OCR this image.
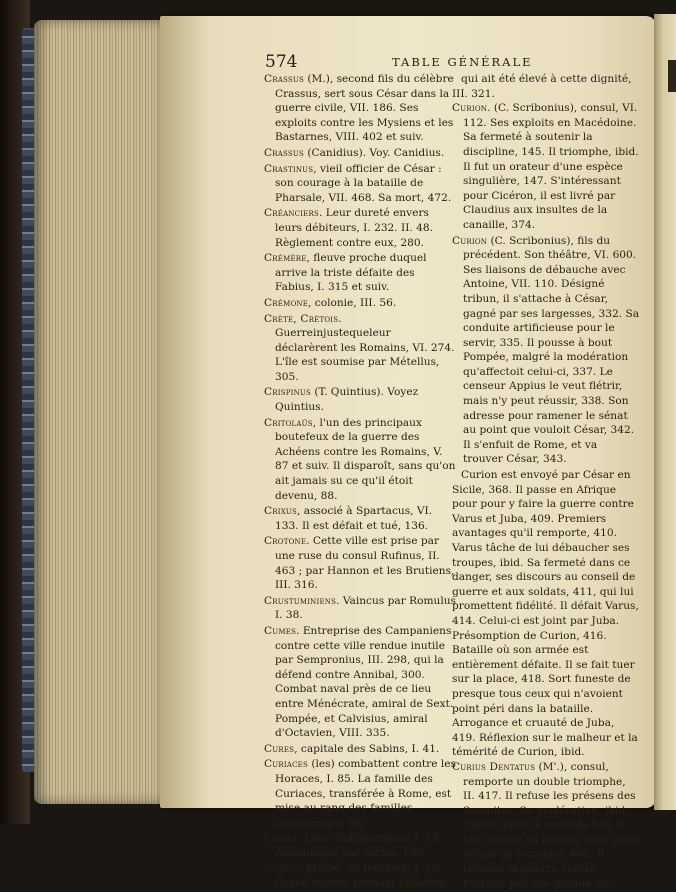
574	TABLE GÉNÉRALE

Crassus (M.), second fils du célèbre Crassus, sert sous César dans la guerre civile, VII. 186. Ses exploits contre les Mysiens et les Bastarnes, VIII. 402 et suiv.

Crassus (Canidius). Voy. Canidius.

Crastinus, vieil officier de César : son courage à la bataille de Pharsale, VII. 468. Sa mort, 472.

Créanciers. Leur dureté envers leurs débiteurs, I. 232. II. 48. Règlement contre eux, 280.

Crémère, fleuve proche duquel arrive la triste défaite des Fabius, I. 315 et suiv.

Crémone, colonie, III. 56.

Crète, Crétois. Guerreinjustequeleur déclarèrent les Romains, VI. 274. L'île est soumise par Métellus, 305.

Crispinus (T. Quintius). Voyez Quintius.

Critolaüs, l'un des principaux boutefeux de la guerre des Achéens contre les Romains, V. 87 et suiv. Il disparoît, sans qu'on ait jamais su ce qu'il étoit devenu, 88.

Crixus, associé à Spartacus, VI. 133. Il est défait et tué, 136.

Crotone. Cette ville est prise par une ruse du consul Rufinus, II. 463 ; par Hannon et les Brutiens, III. 316.

Crustuminiens. Vaincus par Romulus I. 38.

Cumes. Entreprise des Campaniens contre cette ville rendue inutile par Sempronius, III. 298, qui la défend contre Annibal, 300. Combat naval près de ce lieu entre Ménécrate, amiral de Sext. Pompée, et Calvisius, amiral d'Octavien, VIII. 335.

Cures, capitale des Sabins, I. 41.

Curiaces (les) combattent contre les Horaces, I. 85. La famille des Curiaces, transférée à Rome, est mise au rang des familles patriciennes, 96.

Curies. Leur établissement, I. 19. Assemblées par curies, 130.

Curion, prêtre. Sa fonction, I. 19. Grand-curion, premier plébéien

qui ait été élevé à cette dignité, III. 321.

Curion. (C. Scribonius), consul, VI. 112. Ses exploits en Macédoine. Sa fermeté à soutenir la discipline, 145. Il triomphe, ibid. Il fut un orateur d'une espèce singulière, 147. S'intéressant pour Cicéron, il est livré par Claudius aux insultes de la canaille, 374.

Curion (C. Scribonius), fils du précédent. Son théâtre, VI. 600. Ses liaisons de débauche avec Antoine, VII. 110. Désigné tribun, il s'attache à César, gagné par ses largesses, 332. Sa conduite artificieuse pour le servir, 335. Il pousse à bout Pompée, malgré la modération qu'affectoit celui-ci, 337. Le censeur Appius le veut flétrir, mais n'y peut réussir, 338. Son adresse pour ramener le sénat au point que vouloit César, 342. Il s'enfuit de Rome, et va trouver César, 343.

Curion est envoyé par César en Sicile, 368. Il passe en Afrique pour pour y faire la guerre contre Varus et Juba, 409. Premiers avantages qu'il remporte, 410. Varus tâche de lui débaucher ses troupes, ibid. Sa fermeté dans ce danger, ses discours au conseil de guerre et aux soldats, 411, qui lui promettent fidélité. Il défait Varus, 414. Celui-ci est joint par Juba. Présomption de Curion, 416. Bataille où son armée est entièrement défaite. Il se fait tuer sur la place, 418. Sort funeste de presque tous ceux qui n'avoient point péri dans la bataille. Arrogance et cruauté de Juba, 419. Réflexion sur le malheur et la témérité de Curion, ibid.

Curius Dentatus (M'.), consul, remporte un double triomphe, II. 417. Il refuse les présens des Samnites. Sa modération, ibid. Consul pour la seconde fois, il fait vendre un citoyen pour avoir refusé de s'enrôler, 465. Il termine la guerre contre Pyrrhus par une grande vic-
